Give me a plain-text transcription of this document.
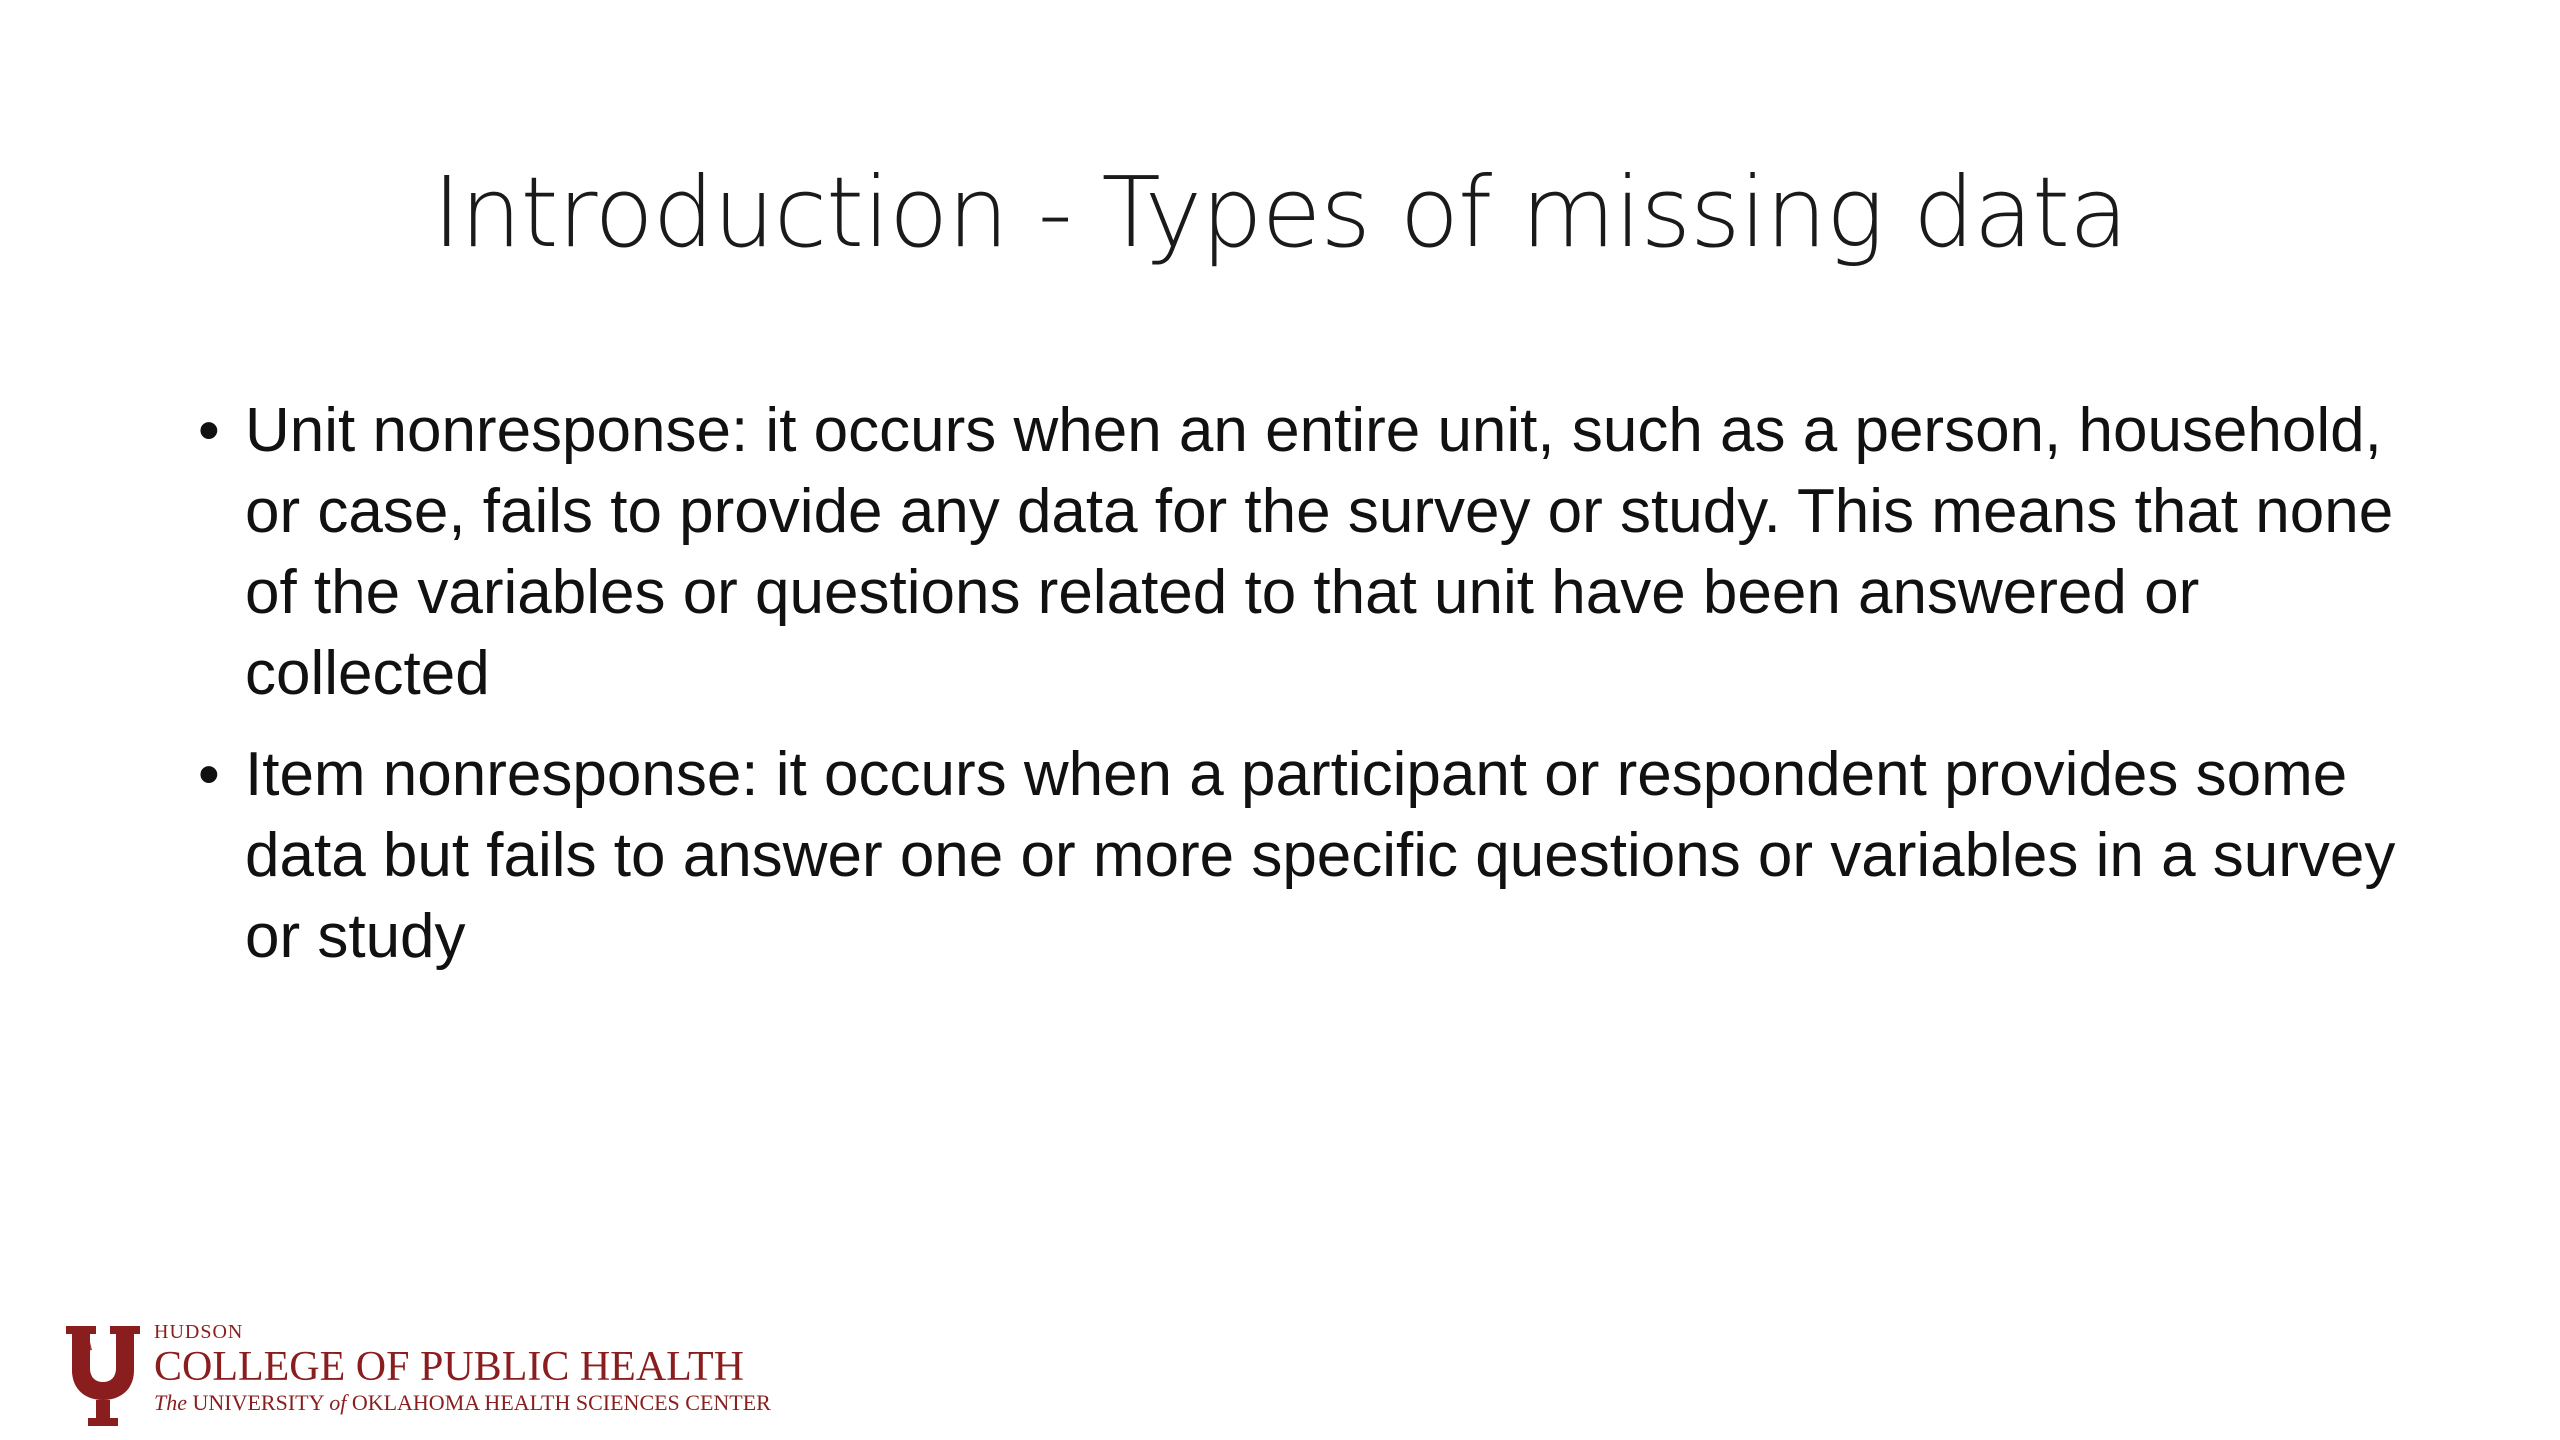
Introduction - Types of missing data
• Unit nonresponse: it occurs when an entire unit, such as a person, household, or case, fails to provide any data for the survey or study. This means that none of the variables or questions related to that unit have been answered or collected
• Item nonresponse: it occurs when a participant or respondent provides some data but fails to answer one or more specific questions or variables in a survey or study
HUDSON
COLLEGE OF PUBLIC HEALTH
The UNIVERSITY of OKLAHOMA HEALTH SCIENCES CENTER
